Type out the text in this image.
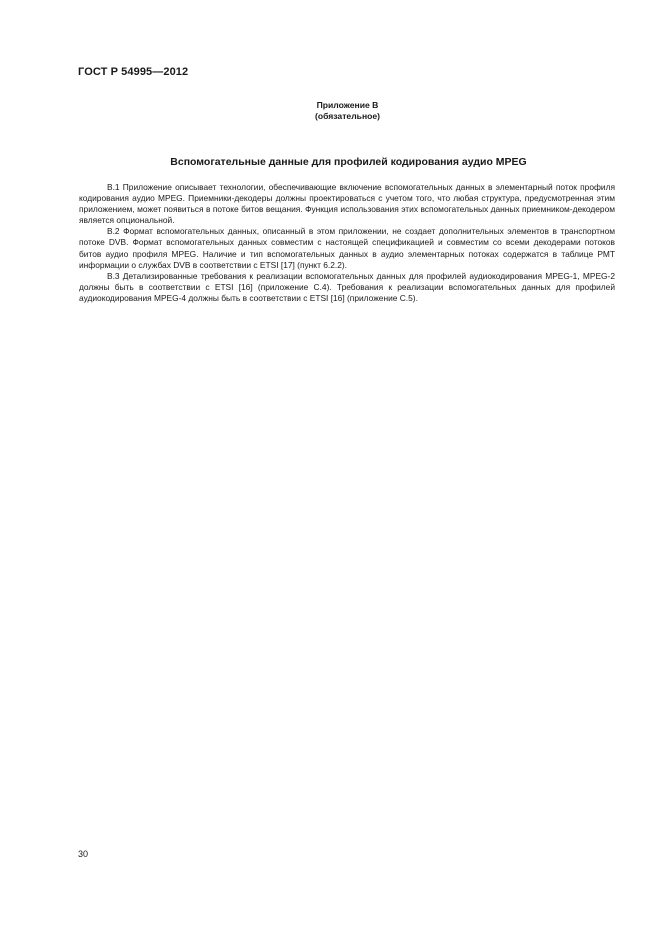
ГОСТ Р 54995—2012
Приложение В
(обязательное)
Вспомогательные данные для профилей кодирования аудио MPEG

В.1 Приложение описывает технологии, обеспечивающие включение вспомогательных данных в элементарный поток профиля кодирования аудио MPEG. Приемники-декодеры должны проектироваться с учетом того, что любая структура, предусмотренная этим приложением, может появиться в потоке битов вещания. Функция использования этих вспомогательных данных приемником-декодером является опциональной.

В.2 Формат вспомогательных данных, описанный в этом приложении, не создает дополнительных элементов в транспортном потоке DVB. Формат вспомогательных данных совместим с настоящей спецификацией и совместим со всеми декодерами потоков битов аудио профиля MPEG. Наличие и тип вспомогательных данных в аудио элементарных потоках содержатся в таблице PMT информации о службах DVB в соответствии с ETSI [17] (пункт 6.2.2).

В.3 Детализированные требования к реализации вспомогательных данных для профилей аудиокодирования MPEG-1, MPEG-2 должны быть в соответствии с ETSI [16] (приложение С.4). Требования к реализации вспомогательных данных для профилей аудиокодирования MPEG-4 должны быть в соответствии с ETSI [16] (приложение С.5).

30
